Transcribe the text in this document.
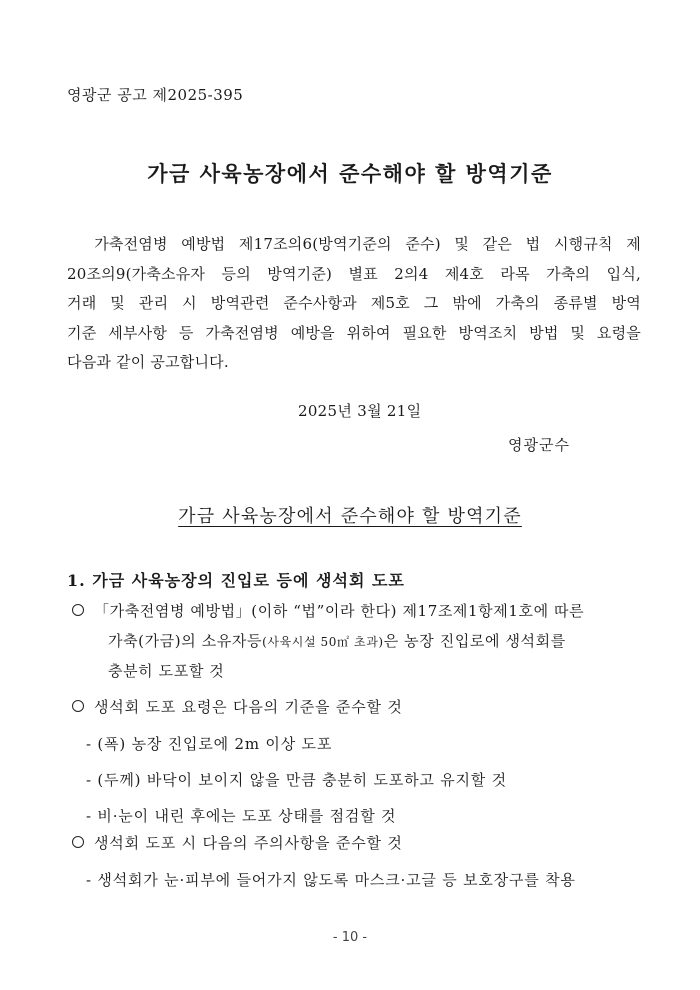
영광군 공고 제2025-395
가금 사육농장에서 준수해야 할 방역기준
가축전염병 예방법 제17조의6(방역기준의 준수) 및 같은 법 시행규칙 제
20조의9(가축소유자 등의 방역기준) 별표 2의4 제4호 라목 가축의 입식,
거래 및 관리 시 방역관련 준수사항과 제5호 그 밖에 가축의 종류별 방역
기준 세부사항 등 가축전염병 예방을 위하여 필요한 방역조치 방법 및 요령을
다음과 같이 공고합니다.
2025년 3월 21일
영광군수
가금 사육농장에서 준수해야 할 방역기준
1. 가금 사육농장의 진입로 등에 생석회 도포
「가축전염병 예방법」(이하 “법”이라 한다) 제17조제1항제1호에 따른
가축(가금)의 소유자등(사육시설 50㎡ 초과)은 농장 진입로에 생석회를
충분히 도포할 것
생석회 도포 요령은 다음의 기준을 준수할 것
- (폭) 농장 진입로에 2m 이상 도포
- (두께) 바닥이 보이지 않을 만큼 충분히 도포하고 유지할 것
- 비·눈이 내린 후에는 도포 상태를 점검할 것
생석회 도포 시 다음의 주의사항을 준수할 것
- 생석회가 눈·피부에 들어가지 않도록 마스크·고글 등 보호장구를 착용
- 10 -
